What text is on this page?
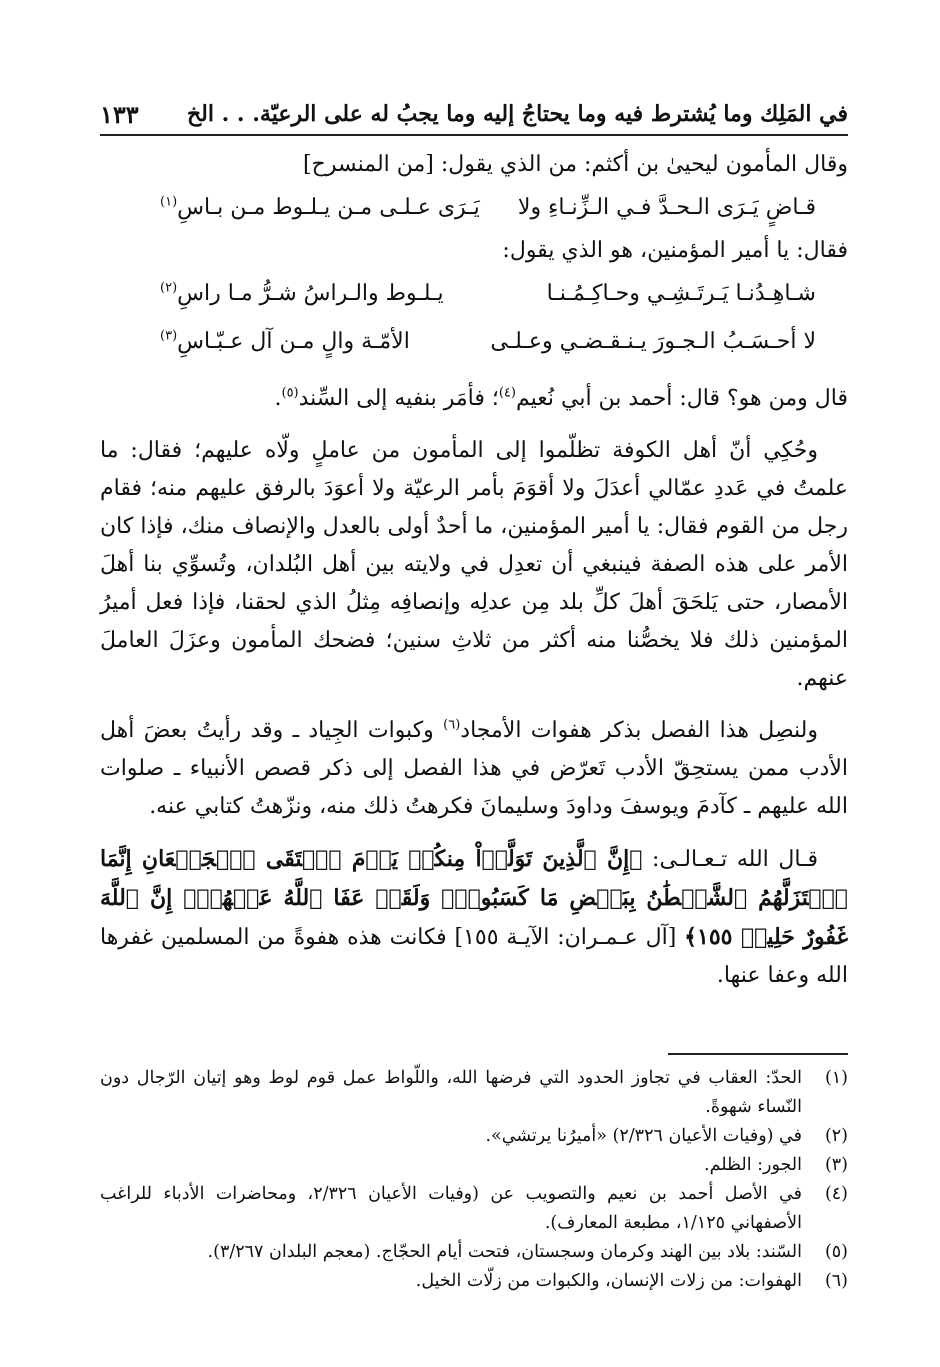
في المَلِك وما يُشترط فيه وما يحتاجُ إليه وما يجبُ له على الرعيّة. . . الخ
١٣٣

وقال المأمون ليحيىٰ بن أكثم: من الذي يقول: [من المنسرح]

قـاضٍ يَـرَى الـحـدَّ فـي الـزِّنـاءِ ولا
يَـرَى عـلـى مـن يـلـوط مـن بـاسِ$^{(١)}$

فقال: يا أمير المؤمنين، هو الذي يقول:

شـاهِـدُنـا يَـرتَـشِـي وحـاكِـمُـنـا
يـلـوط والـراسُ شـرُّ مـا راسِ$^{(٢)}$
لا أحـسَـبُ الـجـورَ يـنـقـضـي وعـلـى
الأمّـة والٍ مـن آل عـبّـاسِ$^{(٣)}$

قال ومن هو؟ قال: أحمد بن أبي نُعيم$^{(٤)}$؛ فأمَر بنفيه إلى السِّند$^{(٥)}$.

وحُكِي أنّ أهل الكوفة تظلّموا إلى المأمون من عاملٍ ولّاه عليهم؛ فقال: ما علمتُ في عَددِ عمّالي أعدَلَ ولا أقوَمَ بأمر الرعيّة ولا أعوَدَ بالرفق عليهم منه؛ فقام رجل من القوم فقال: يا أمير المؤمنين، ما أحدٌ أولى بالعدل والإنصاف منك، فإذا كان الأمر على هذه الصفة فينبغي أن تعدِل في ولايته بين أهل البُلدان، وتُسوِّي بنا أهلَ الأمصار، حتى يَلحَقَ أهلَ كلِّ بلد مِن عدلِه وإنصافِه مِثلُ الذي لحقنا، فإذا فعل أميرُ المؤمنين ذلك فلا يخصُّنا منه أكثر من ثلاثِ سنين؛ فضحك المأمون وعزَلَ العاملَ عنهم.

ولنصِل هذا الفصل بذكر هفوات الأمجاد$^{(٦)}$ وكبوات الجِياد ـ وقد رأيتُ بعضَ أهل الأدب ممن يستحِقّ الأدب تَعرّض في هذا الفصل إلى ذكر قصص الأنبياء ـ صلوات الله عليهم ـ كآدمَ ويوسفَ وداودَ وسليمانَ فكرهتُ ذلك منه، ونزّهتُ كتابي عنه.

قـال الله تـعـالـى: ﴿إِنَّ ٱلَّذِينَ تَوَلَّوۡاْ مِنكُمۡ يَوۡمَ ٱلۡتَقَى ٱلۡجَمۡعَانِ إِنَّمَا ٱسۡتَزَلَّهُمُ ٱلشَّيۡطَٰنُ بِبَعۡضِ مَا كَسَبُواْۖ وَلَقَدۡ عَفَا ٱللَّهُ عَنۡهُمۡۗ إِنَّ ٱللَّهَ غَفُورٌ حَلِيمٞ ١٥٥﴾ [آل عـمـران: الآيـة ١٥٥] فكانت هذه هفوةً من المسلمين غفرها الله وعفا عنها.

(١)
الحدّ: العقاب في تجاوز الحدود التي فرضها الله، واللّواط عمل قوم لوط وهو إتيان الرّجال دون النّساء شهوةً.
(٢)
في (وفيات الأعيان ٢/٣٢٦) «أميرُنا يرتشي».
(٣)
الجور: الظلم.
(٤)
في الأصل أحمد بن نعيم والتصويب عن (وفيات الأعيان ٢/٣٢٦، ومحاضرات الأدباء للراغب الأصفهاني ١/١٢٥، مطبعة المعارف).
(٥)
السّند: بلاد بين الهند وكرمان وسجستان، فتحت أيام الحجّاج. (معجم البلدان ٣/٢٦٧).
(٦)
الهفوات: من زلات الإنسان، والكبوات من زلّات الخيل.
